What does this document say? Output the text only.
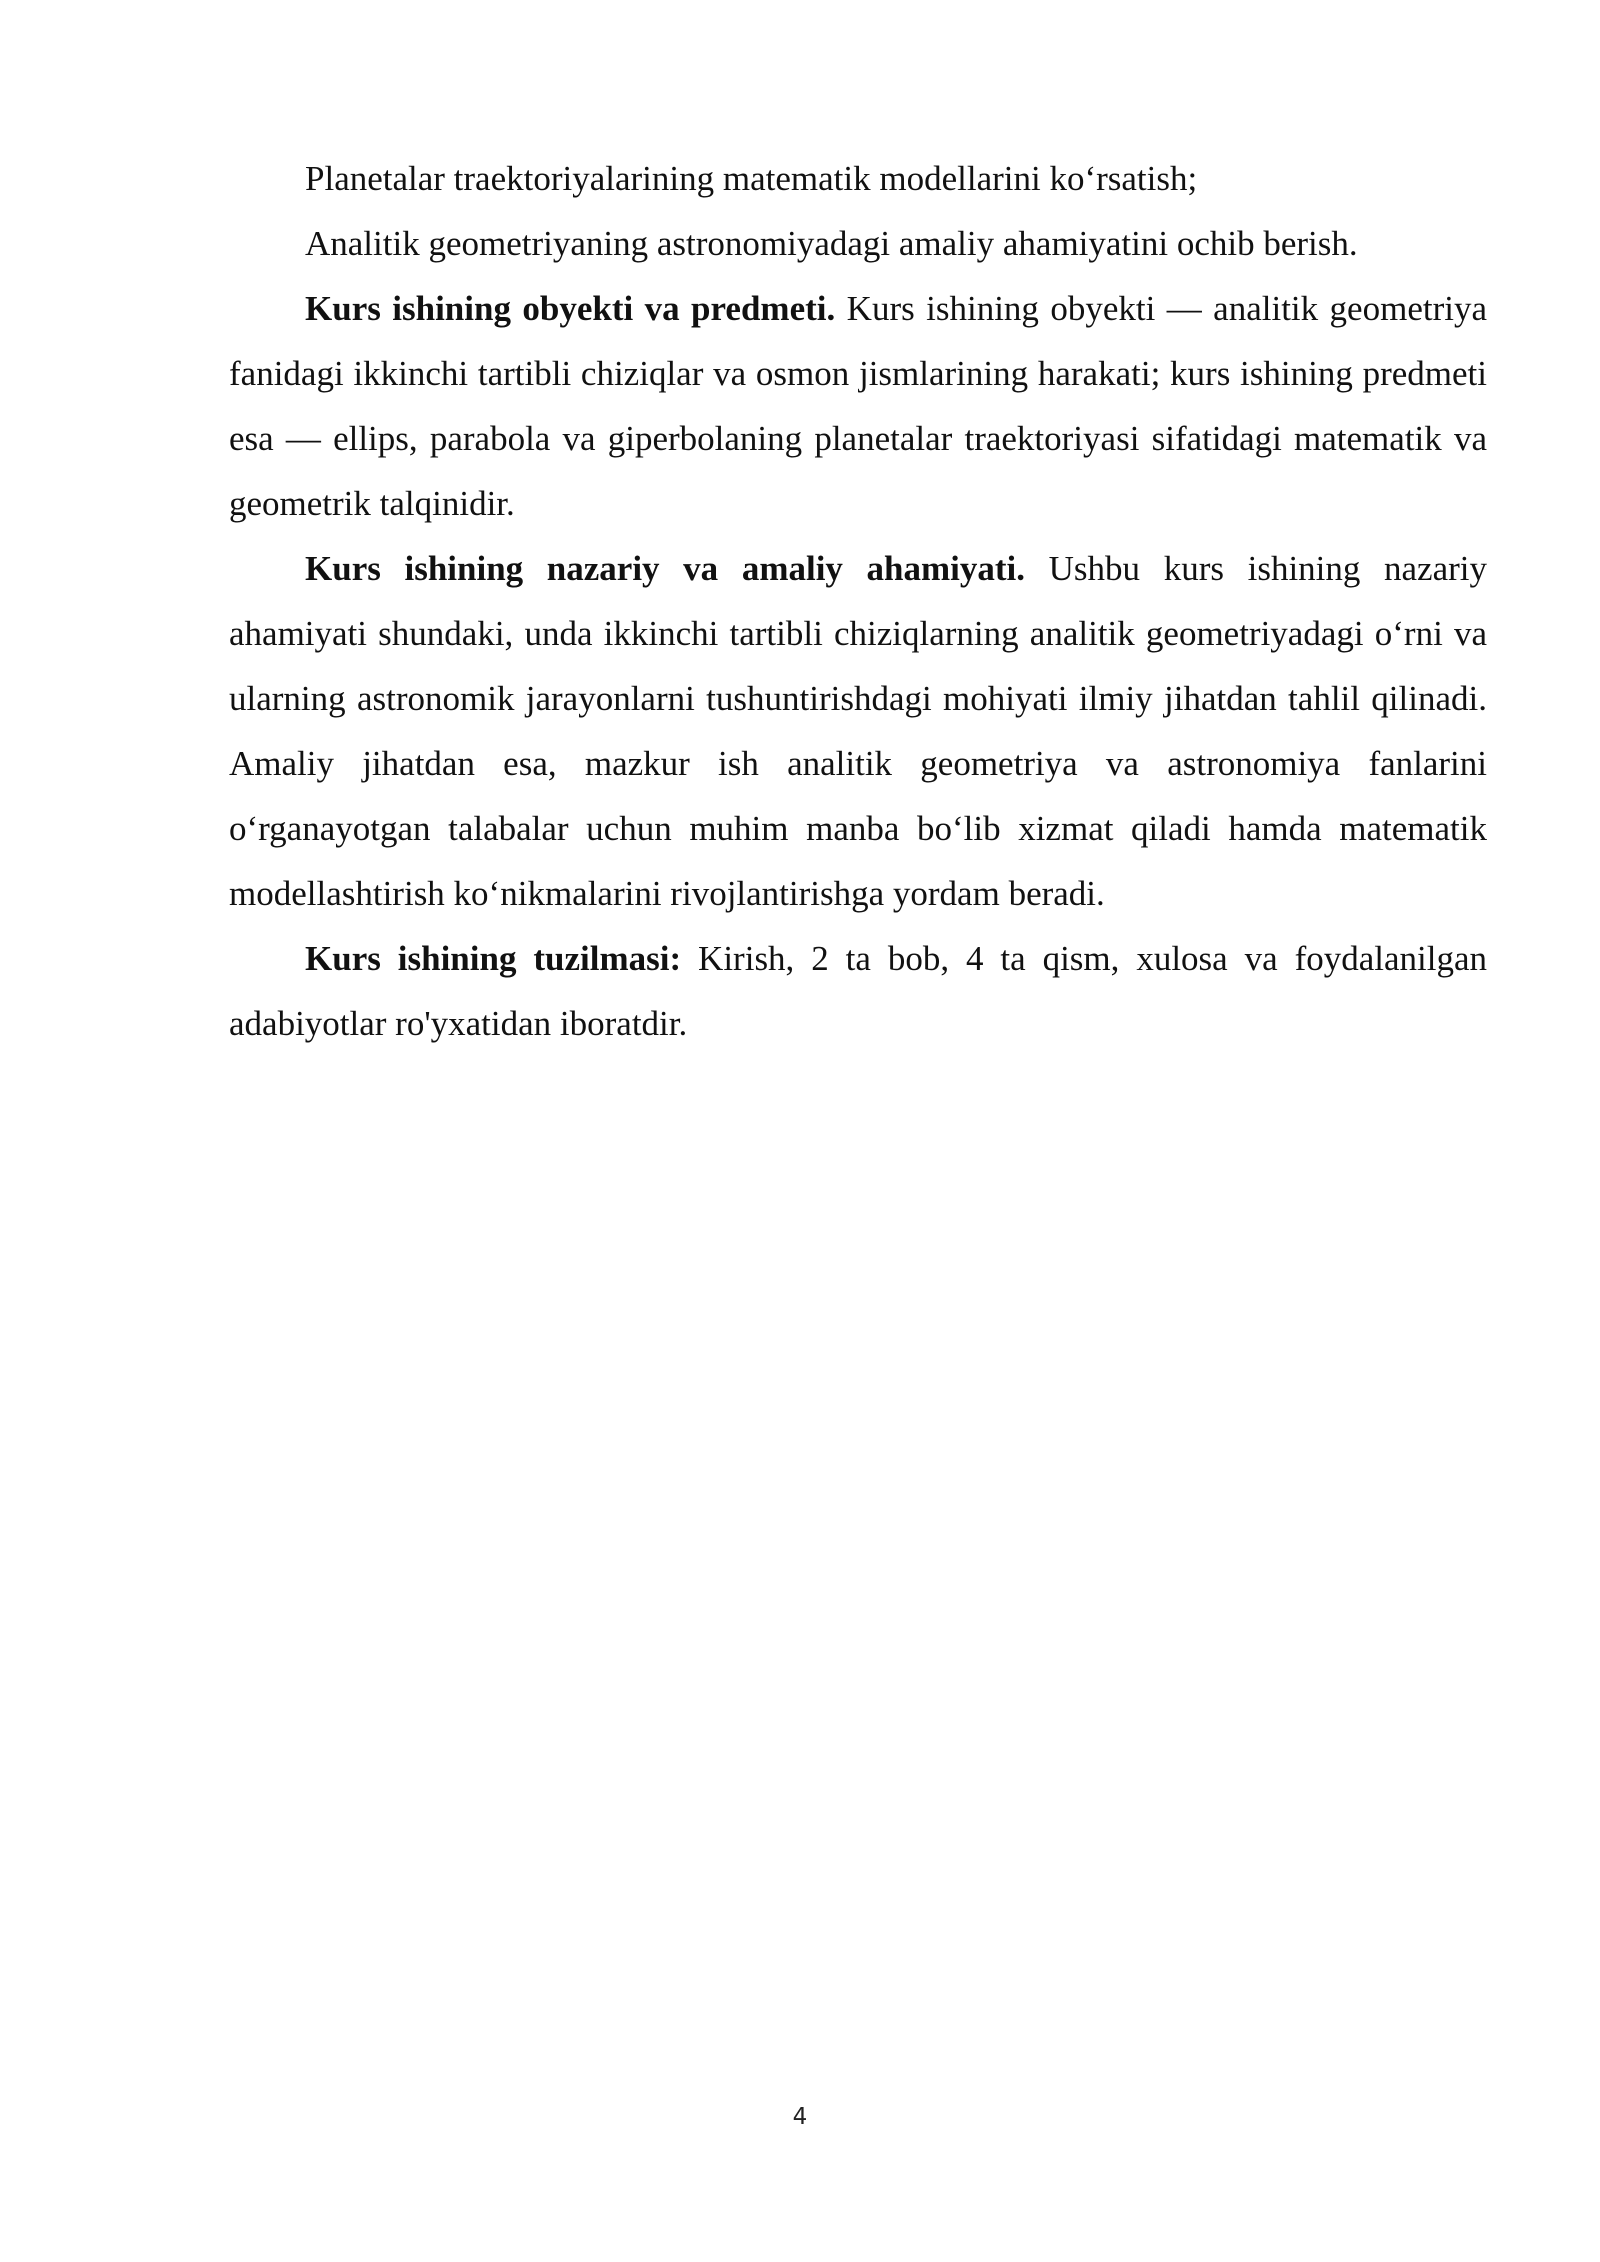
Planetalar traektoriyalarining matematik modellarini ko‘rsatish;

Analitik geometriyaning astronomiyadagi amaliy ahamiyatini ochib berish.

Kurs ishining obyekti va predmeti. Kurs ishining obyekti — analitik geometriya fanidagi ikkinchi tartibli chiziqlar va osmon jismlarining harakati; kurs ishining predmeti esa — ellips, parabola va giperbolaning planetalar traektoriyasi sifatidagi matematik va geometrik talqinidir.

Kurs ishining nazariy va amaliy ahamiyati. Ushbu kurs ishining nazariy ahamiyati shundaki, unda ikkinchi tartibli chiziqlarning analitik geometriyadagi o‘rni va ularning astronomik jarayonlarni tushuntirishdagi mohiyati ilmiy jihatdan tahlil qilinadi. Amaliy jihatdan esa, mazkur ish analitik geometriya va astronomiya fanlarini o‘rganayotgan talabalar uchun muhim manba bo‘lib xizmat qiladi hamda matematik modellashtirish ko‘nikmalarini rivojlantirishga yordam beradi.

Kurs ishining tuzilmasi: Kirish, 2 ta bob, 4 ta qism, xulosa va foydalanilgan adabiyotlar ro'yxatidan iboratdir.

4
